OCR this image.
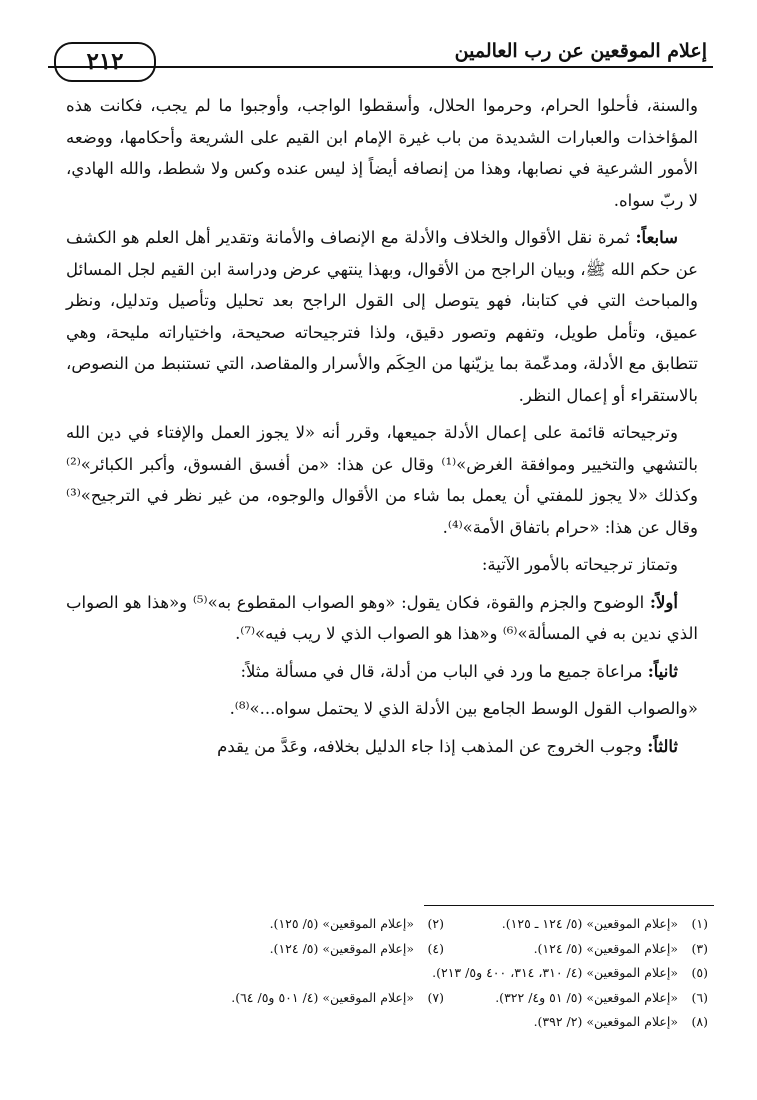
٢١٢	إعلام الموقعين عن رب العالمين

والسنة، فأحلوا الحرام، وحرموا الحلال، وأسقطوا الواجب، وأوجبوا ما لم يجب، فكانت هذه المؤاخذات والعبارات الشديدة من باب غيرة الإمام ابن القيم على الشريعة وأحكامها، ووضعه الأمور الشرعية في نصابها، وهذا من إنصافه أيضاً إذ ليس عنده وكس ولا شطط، والله الهادي، لا ربّ سواه.

سابعاً: ثمرة نقل الأقوال والخلاف والأدلة مع الإنصاف والأمانة وتقدير أهل العلم هو الكشف عن حكم الله ﷺ، وبيان الراجح من الأقوال، وبهذا ينتهي عرض ودراسة ابن القيم لجل المسائل والمباحث التي في كتابنا، فهو يتوصل إلى القول الراجح بعد تحليل وتأصيل وتدليل، ونظر عميق، وتأمل طويل، وتفهم وتصور دقيق، ولذا فترجيحاته صحيحة، واختياراته مليحة، وهي تتطابق مع الأدلة، ومدعّمة بما يزيّنها من الحِكَم والأسرار والمقاصد، التي تستنبط من النصوص، بالاستقراء أو إعمال النظر.

وترجيحاته قائمة على إعمال الأدلة جميعها، وقرر أنه «لا يجوز العمل والإفتاء في دين الله بالتشهي والتخيير وموافقة الغرض»⁽¹⁾ وقال عن هذا: «من أفسق الفسوق، وأكبر الكبائر»⁽²⁾ وكذلك «لا يجوز للمفتي أن يعمل بما شاء من الأقوال والوجوه، من غير نظر في الترجيح»⁽³⁾ وقال عن هذا: «حرام باتفاق الأمة»⁽⁴⁾.

وتمتاز ترجيحاته بالأمور الآتية:

أولاً: الوضوح والجزم والقوة، فكان يقول: «وهو الصواب المقطوع به»⁽⁵⁾ و«هذا هو الصواب الذي ندين به في المسألة»⁽⁶⁾ و«هذا هو الصواب الذي لا ريب فيه»⁽⁷⁾.

ثانياً: مراعاة جميع ما ورد في الباب من أدلة، قال في مسألة مثلاً:

«والصواب القول الوسط الجامع بين الأدلة الذي لا يحتمل سواه...»⁽⁸⁾.

ثالثاً: وجوب الخروج عن المذهب إذا جاء الدليل بخلافه، وعَدَّ من يقدم

(١)«إعلام الموقعين» (٥/ ١٢٤ ـ ١٢٥). (٢)«إعلام الموقعين» (٥/ ١٢٥).
(٣)«إعلام الموقعين» (٥/ ١٢٤). (٤)«إعلام الموقعين» (٥/ ١٢٤).
(٥)«إعلام الموقعين» (٤/ ٣١٠، ٣١٤، ٤٠٠ و٥/ ٢١٣).
(٦)«إعلام الموقعين» (٥/ ٥١ و٤/ ٣٢٢). (٧)«إعلام الموقعين» (٤/ ٥٠١ و٥/ ٦٤).
(٨)«إعلام الموقعين» (٢/ ٣٩٢).
